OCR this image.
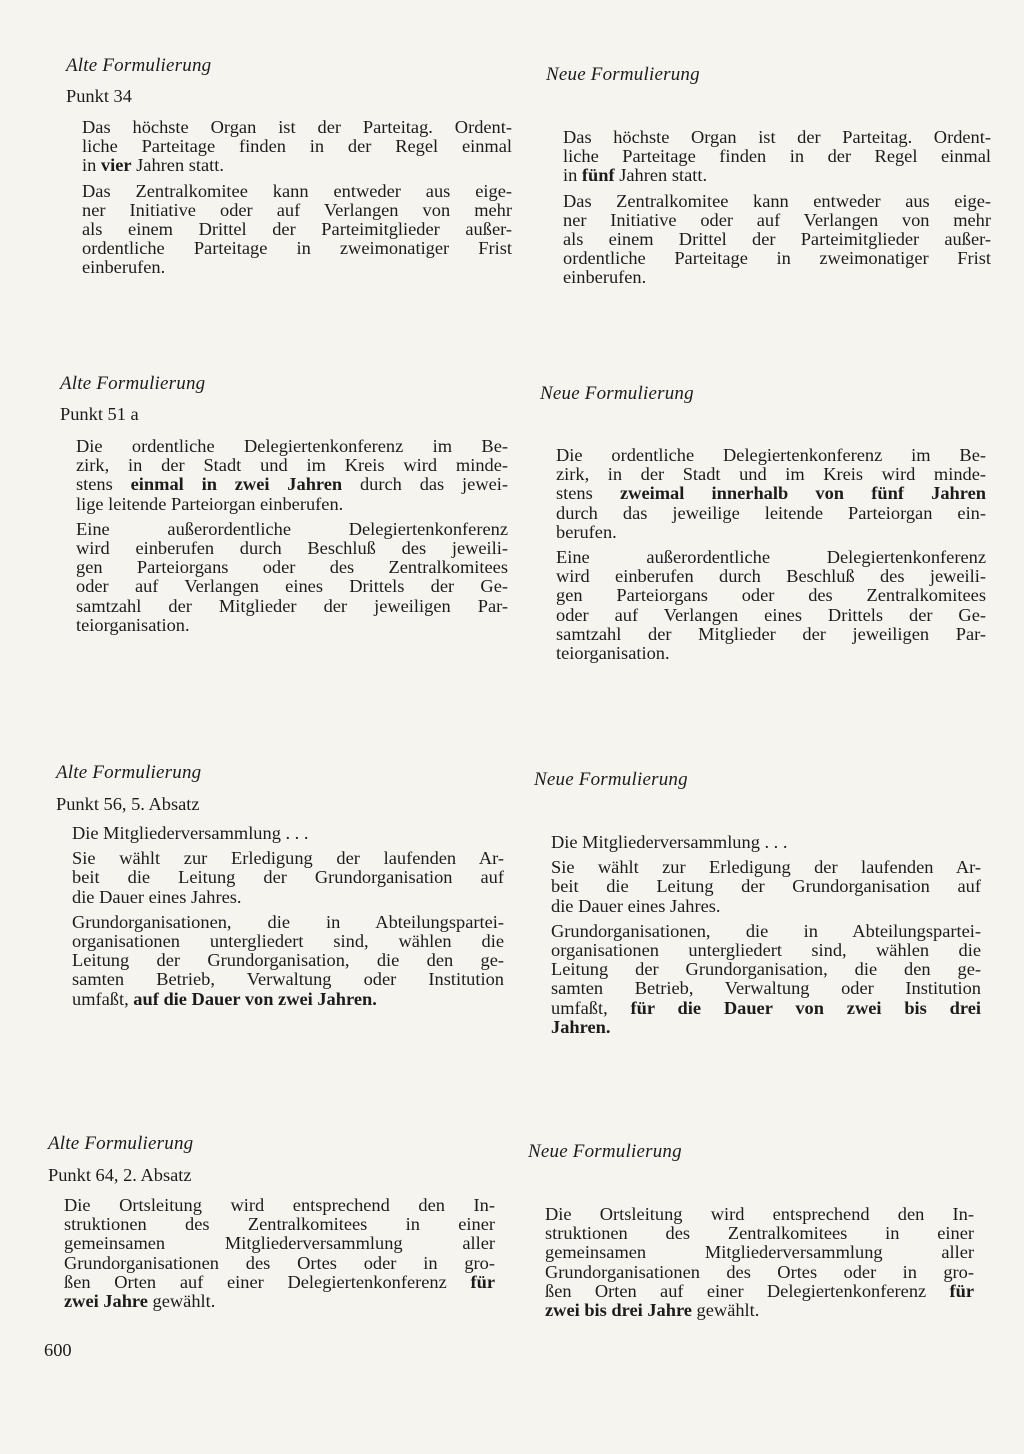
Alte Formulierung
Punkt 34
Das höchste Organ ist der Parteitag. Ordent-
liche Parteitage finden in der Regel einmal
in vier Jahren statt.
Das Zentralkomitee kann entweder aus eige-
ner Initiative oder auf Verlangen von mehr
als einem Drittel der Parteimitglieder außer-
ordentliche Parteitage in zweimonatiger Frist
einberufen.
Neue Formulierung
Das höchste Organ ist der Parteitag. Ordent-
liche Parteitage finden in der Regel einmal
in fünf Jahren statt.
Das Zentralkomitee kann entweder aus eige-
ner Initiative oder auf Verlangen von mehr
als einem Drittel der Parteimitglieder außer-
ordentliche Parteitage in zweimonatiger Frist
einberufen.
Alte Formulierung
Punkt 51 a
Die ordentliche Delegiertenkonferenz im Be-
zirk, in der Stadt und im Kreis wird minde-
stens einmal in zwei Jahren durch das jewei-
lige leitende Parteiorgan einberufen.
Eine außerordentliche Delegiertenkonferenz
wird einberufen durch Beschluß des jeweili-
gen Parteiorgans oder des Zentralkomitees
oder auf Verlangen eines Drittels der Ge-
samtzahl der Mitglieder der jeweiligen Par-
teiorganisation.
Neue Formulierung
Die ordentliche Delegiertenkonferenz im Be-
zirk, in der Stadt und im Kreis wird minde-
stens zweimal innerhalb von fünf Jahren
durch das jeweilige leitende Parteiorgan ein-
berufen.
Eine außerordentliche Delegiertenkonferenz
wird einberufen durch Beschluß des jeweili-
gen Parteiorgans oder des Zentralkomitees
oder auf Verlangen eines Drittels der Ge-
samtzahl der Mitglieder der jeweiligen Par-
teiorganisation.
Alte Formulierung
Punkt 56, 5. Absatz
Die Mitgliederversammlung . . .
Sie wählt zur Erledigung der laufenden Ar-
beit die Leitung der Grundorganisation auf
die Dauer eines Jahres.
Grundorganisationen, die in Abteilungspartei-
organisationen untergliedert sind, wählen die
Leitung der Grundorganisation, die den ge-
samten Betrieb, Verwaltung oder Institution
umfaßt, auf die Dauer von zwei Jahren.
Neue Formulierung
Die Mitgliederversammlung . . .
Sie wählt zur Erledigung der laufenden Ar-
beit die Leitung der Grundorganisation auf
die Dauer eines Jahres.
Grundorganisationen, die in Abteilungspartei-
organisationen untergliedert sind, wählen die
Leitung der Grundorganisation, die den ge-
samten Betrieb, Verwaltung oder Institution
umfaßt, für die Dauer von zwei bis drei
Jahren.
Alte Formulierung
Punkt 64, 2. Absatz
Die Ortsleitung wird entsprechend den In-
struktionen des Zentralkomitees in einer
gemeinsamen Mitgliederversammlung aller
Grundorganisationen des Ortes oder in gro-
ßen Orten auf einer Delegiertenkonferenz für
zwei Jahre gewählt.
Neue Formulierung
Die Ortsleitung wird entsprechend den In-
struktionen des Zentralkomitees in einer
gemeinsamen Mitgliederversammlung aller
Grundorganisationen des Ortes oder in gro-
ßen Orten auf einer Delegiertenkonferenz für
zwei bis drei Jahre gewählt.
600
